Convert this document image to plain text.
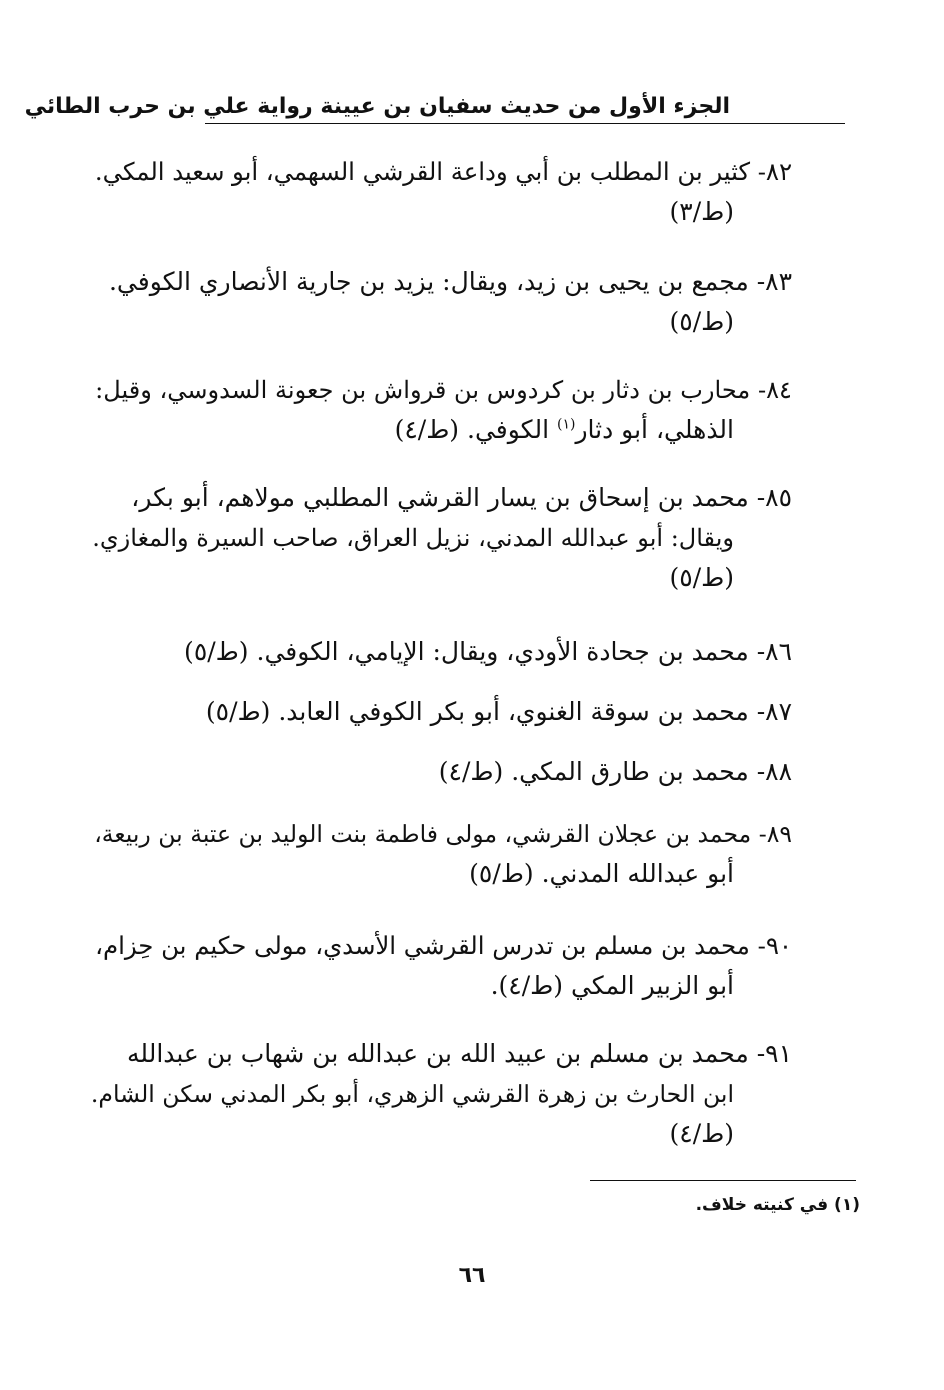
الجزء الأول من حديث سفيان بن عيينة رواية علي بن حرب الطائي
٨٢- كثير بن المطلب بن أبي وداعة القرشي السهمي، أبو سعيد المكي.
(ط/٣)
٨٣- مجمع بن يحيى بن زيد، ويقال: يزيد بن جارية الأنصاري الكوفي.
(ط/٥)
٨٤- محارب بن دثار بن كردوس بن قرواش بن جعونة السدوسي، وقيل:
الذهلي، أبو دثار$^{(١)}$ الكوفي. (ط/٤)
٨٥- محمد بن إسحاق بن يسار القرشي المطلبي مولاهم، أبو بكر،
ويقال: أبو عبدالله المدني، نزيل العراق، صاحب السيرة والمغازي.
(ط/٥)
٨٦- محمد بن جحادة الأودي، ويقال: الإيامي، الكوفي. (ط/٥)
٨٧- محمد بن سوقة الغنوي، أبو بكر الكوفي العابد. (ط/٥)
٨٨- محمد بن طارق المكي. (ط/٤)
٨٩- محمد بن عجلان القرشي، مولى فاطمة بنت الوليد بن عتبة بن ربيعة،
أبو عبدالله المدني. (ط/٥)
٩٠- محمد بن مسلم بن تدرس القرشي الأسدي، مولى حكيم بن حِزام،
أبو الزبير المكي (ط/٤).
٩١- محمد بن مسلم بن عبيد الله بن عبدالله بن شهاب بن عبدالله
ابن الحارث بن زهرة القرشي الزهري، أبو بكر المدني سكن الشام.
(ط/٤)
(١) في كنيته خلاف.
٦٦
